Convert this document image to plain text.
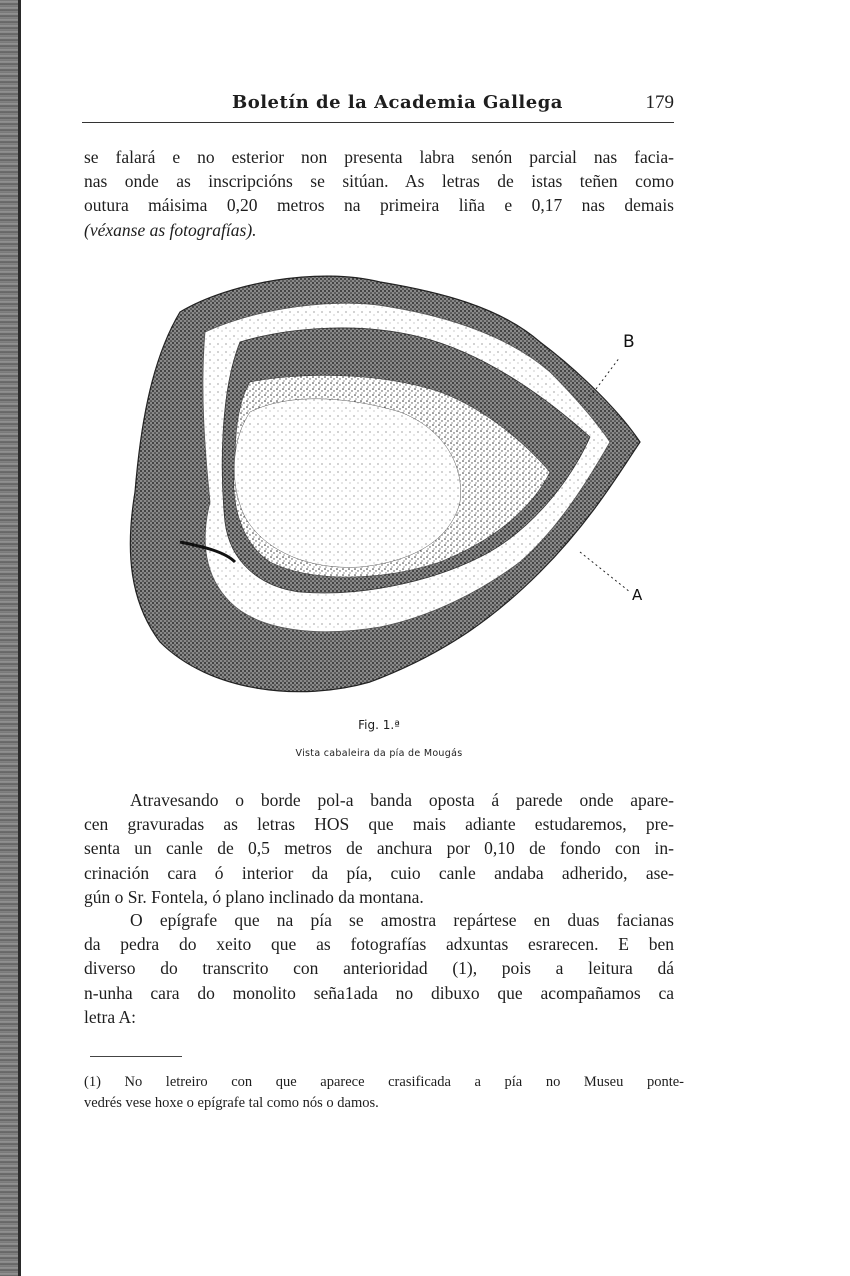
Boletín de la Academia Gallega	179
se falará e no esterior non presenta labra senón parcial nas facia-
nas onde as inscripcións se sitúan. As letras de istas teñen como
outura máisima 0,20 metros na primeira liña e 0,17 nas demais
(véxanse as fotografías).
B
A
Fig. 1.ª
Vista cabaleira da pía de Mougás
Atravesando o borde pol-a banda oposta á parede onde apare-
cen gravuradas as letras HOS que mais adiante estudaremos, pre-
senta un canle de 0,5 metros de anchura por 0,10 de fondo con in-
crinación cara ó interior da pía, cuio canle andaba adherido, ase-
gún o Sr. Fontela, ó plano inclinado da montana.
O epígrafe que na pía se amostra repártese en duas facianas
da pedra do xeito que as fotografías adxuntas esrarecen. E ben
diverso do transcrito con anterioridad (1), pois a leitura dá
n-unha cara do monolito seña1ada no dibuxo que acompañamos ca
letra A:
(1) No letreiro con que aparece crasificada a pía no Museu ponte-
vedrés vese hoxe o epígrafe tal como nós o damos.
